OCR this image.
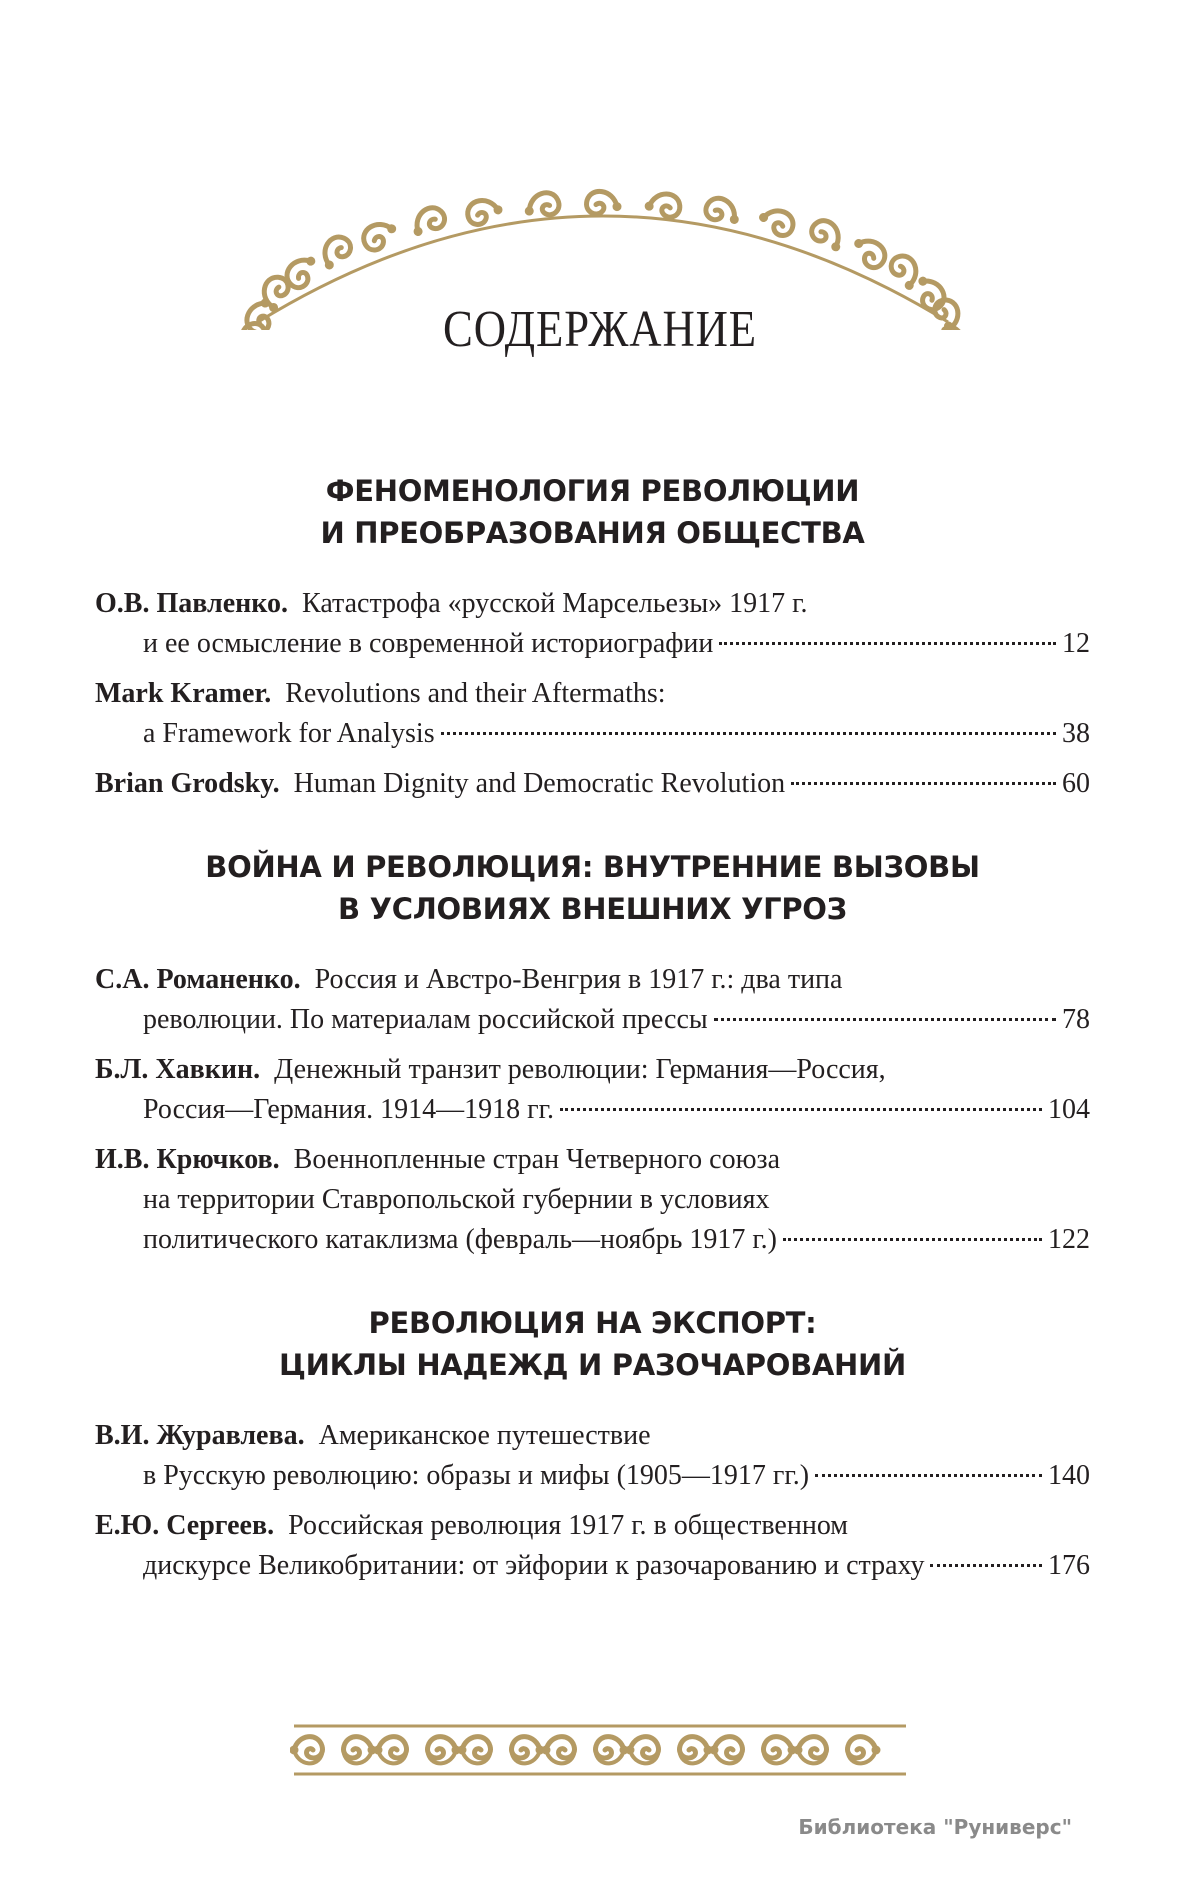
СОДЕРЖАНИЕ
ФЕНОМЕНОЛОГИЯ РЕВОЛЮЦИИ
И ПРЕОБРАЗОВАНИЯ ОБЩЕСТВА
О.В. Павленко. Катастрофа «русской Марсельезы» 1917 г.
и ее осмысление в современной историографии	12
Mark Kramer. Revolutions and their Aftermaths:
a Framework for Analysis	38
Brian Grodsky. Human Dignity and Democratic Revolution	60
ВОЙНА И РЕВОЛЮЦИЯ: ВНУТРЕННИЕ ВЫЗОВЫ
В УСЛОВИЯХ ВНЕШНИХ УГРОЗ
С.А. Романенко. Россия и Австро-Венгрия в 1917 г.: два типа
революции. По материалам российской прессы	78
Б.Л. Хавкин. Денежный транзит революции: Германия—Россия,
Россия—Германия. 1914—1918 гг.	104
И.В. Крючков. Военнопленные стран Четверного союза
на территории Ставропольской губернии в условиях
политического катаклизма (февраль—ноябрь 1917 г.)	122
РЕВОЛЮЦИЯ НА ЭКСПОРТ:
ЦИКЛЫ НАДЕЖД И РАЗОЧАРОВАНИЙ
В.И. Журавлева. Американское путешествие
в Русскую революцию: образы и мифы (1905—1917 гг.)	140
Е.Ю. Сергеев. Российская революция 1917 г. в общественном
дискурсе Великобритании: от эйфории к разочарованию и страху	176
Библиотека "Руниверс"
